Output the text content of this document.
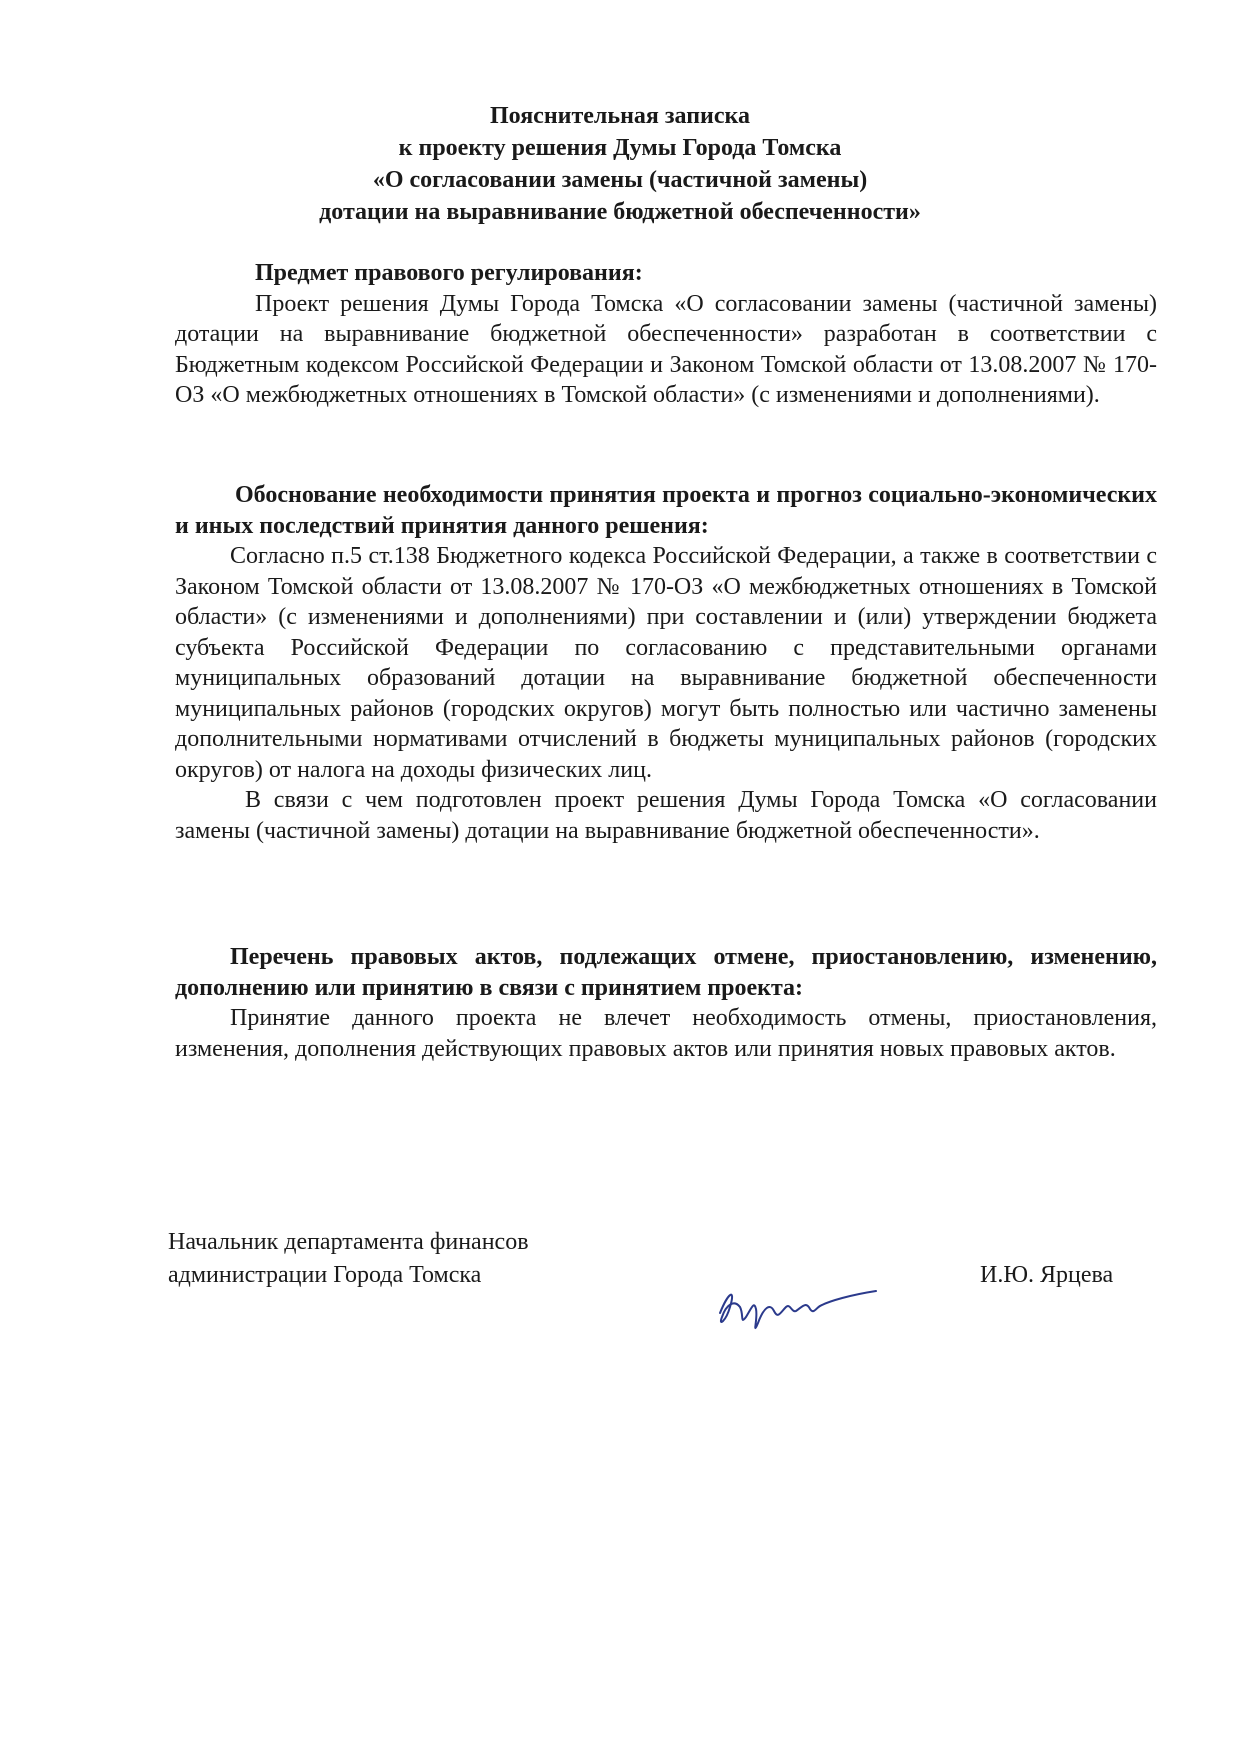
Пояснительная записка
к проекту решения Думы Города Томска
«О согласовании замены (частичной замены)
дотации на выравнивание бюджетной обеспеченности»
Предмет правового регулирования:
Проект решения Думы Города Томска «О согласовании замены (частичной замены) дотации на выравнивание бюджетной обеспеченности» разработан в соответствии с Бюджетным кодексом Российской Федерации и Законом Томской области от 13.08.2007 № 170-ОЗ «О межбюджетных отношениях в Томской области» (с изменениями и дополнениями).
Обоснование необходимости принятия проекта и прогноз социально-экономических и иных последствий принятия данного решения:
Согласно п.5 ст.138 Бюджетного кодекса Российской Федерации, а также в соответствии с Законом Томской области от 13.08.2007 № 170-ОЗ «О межбюджетных отношениях в Томской области» (с изменениями и дополнениями) при составлении и (или) утверждении бюджета субъекта Российской Федерации по согласованию с представительными органами муниципальных образований дотации на выравнивание бюджетной обеспеченности муниципальных районов (городских округов) могут быть полностью или частично заменены дополнительными нормативами отчислений в бюджеты муниципальных районов (городских округов) от налога на доходы физических лиц.
В связи с чем подготовлен проект решения Думы Города Томска «О согласовании замены (частичной замены) дотации на выравнивание бюджетной обеспеченности».
Перечень правовых актов, подлежащих отмене, приостановлению, изменению, дополнению или принятию в связи с принятием проекта:
Принятие данного проекта не влечет необходимость отмены, приостановления, изменения, дополнения действующих правовых актов или принятия новых правовых актов.
Начальник департамента финансов
администрации Города Томска	И.Ю. Ярцева
